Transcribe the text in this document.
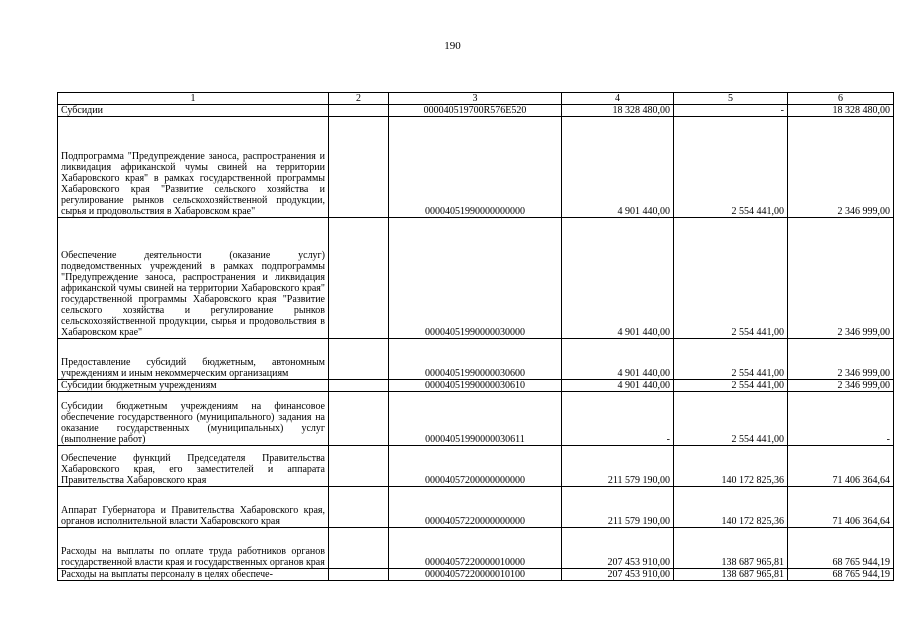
190
1	2	3	4	5	6
Субсидии		000040519700R576E520	18 328 480,00	-	18 328 480,00
Подпрограмма "Предупреждение заноса, распространения и ликвидация африканской чумы свиней на территории Хабаровского края" в рамках государственной программы Хабаровского края "Развитие сельского хозяйства и регулирование рынков сельскохозяйственной продукции, сырья и продовольствия в Хабаровском крае"		00004051990000000000	4 901 440,00	2 554 441,00	2 346 999,00
Обеспечение деятельности (оказание услуг) подведомственных учреждений в рамках подпрограммы "Предупреждение заноса, распространения и ликвидация африканской чумы свиней на территории Хабаровского края" государственной программы Хабаровского края "Развитие сельского хозяйства и регулирование рынков сельскохозяйственной продукции, сырья и продовольствия в Хабаровском крае"		00004051990000030000	4 901 440,00	2 554 441,00	2 346 999,00
Предоставление субсидий бюджетным, автономным учреждениям и иным некоммерческим организациям		00004051990000030600	4 901 440,00	2 554 441,00	2 346 999,00
Субсидии бюджетным учреждениям		00004051990000030610	4 901 440,00	2 554 441,00	2 346 999,00
Субсидии бюджетным учреждениям на финансовое обеспечение государственного (муниципального) задания на оказание государственных (муниципальных) услуг (выполнение работ)		00004051990000030611	-	2 554 441,00	-
Обеспечение функций Председателя Правительства Хабаровского края, его заместителей и аппарата Правительства Хабаровского края		00004057200000000000	211 579 190,00	140 172 825,36	71 406 364,64
Аппарат Губернатора и Правительства Хабаровского края, органов исполнительной власти Хабаровского края		00004057220000000000	211 579 190,00	140 172 825,36	71 406 364,64
Расходы на выплаты по оплате труда работников органов государственной власти края и государственных органов края		00004057220000010000	207 453 910,00	138 687 965,81	68 765 944,19
Расходы на выплаты персоналу в целях обеспече-		00004057220000010100	207 453 910,00	138 687 965,81	68 765 944,19
